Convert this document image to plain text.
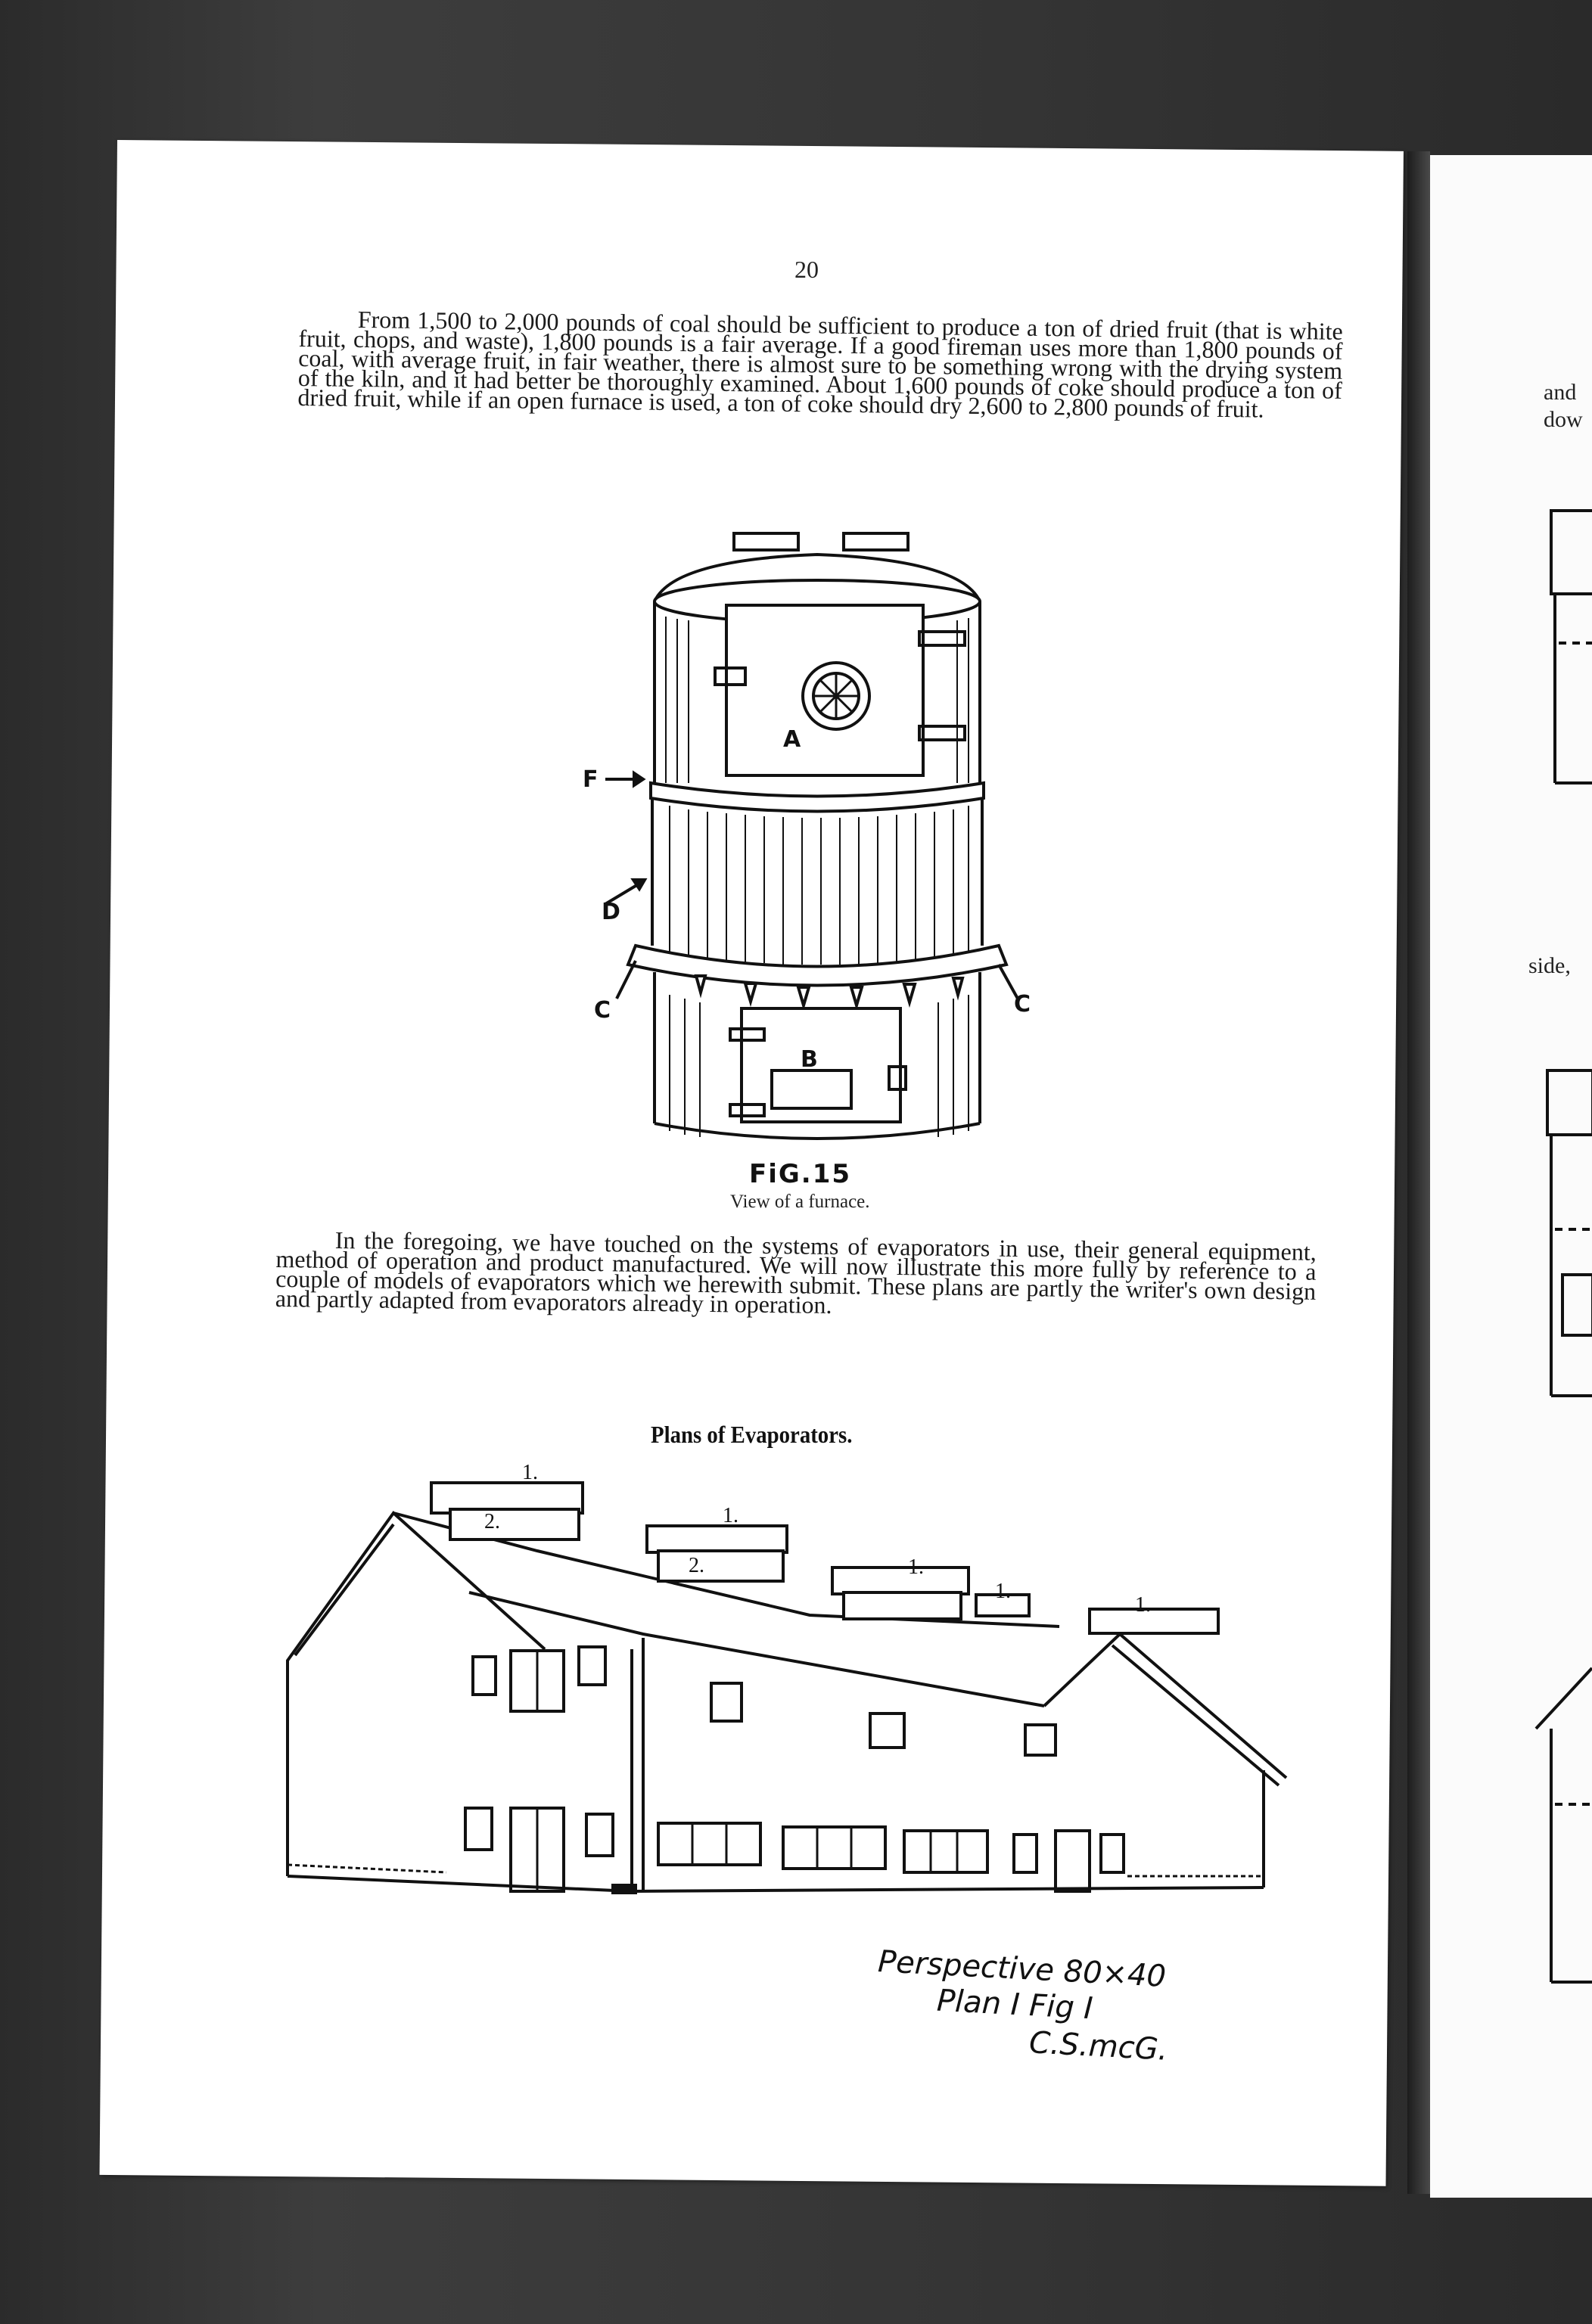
and
dow
side,
20

From 1,500 to 2,000 pounds of coal should be sufficient to produce a ton of dried fruit (that is white fruit, chops, and waste), 1,800 pounds is a fair average. If a good fireman uses more than 1,800 pounds of coal, with average fruit, in fair weather, there is almost sure to be something wrong with the drying system of the kiln, and it had better be thoroughly examined. About 1,600 pounds of coke should produce a ton of dried fruit, while if an open furnace is used, a ton of coke should dry 2,600 to 2,800 pounds of fruit.

A
B
F
D
C	C
FiG.15
View of a furnace.

In the foregoing, we have touched on the systems of evaporators in use, their general equipment, method of operation and product manufactured. We will now illustrate this more fully by reference to a couple of models of evaporators which we herewith submit. These plans are partly the writer's own design and partly adapted from evaporators already in operation.

Plans of Evaporators.
1.
2.	1.
2.	1.
1.
1.
Perspective 80×40
Plan I Fig I
C.S.mcG.
